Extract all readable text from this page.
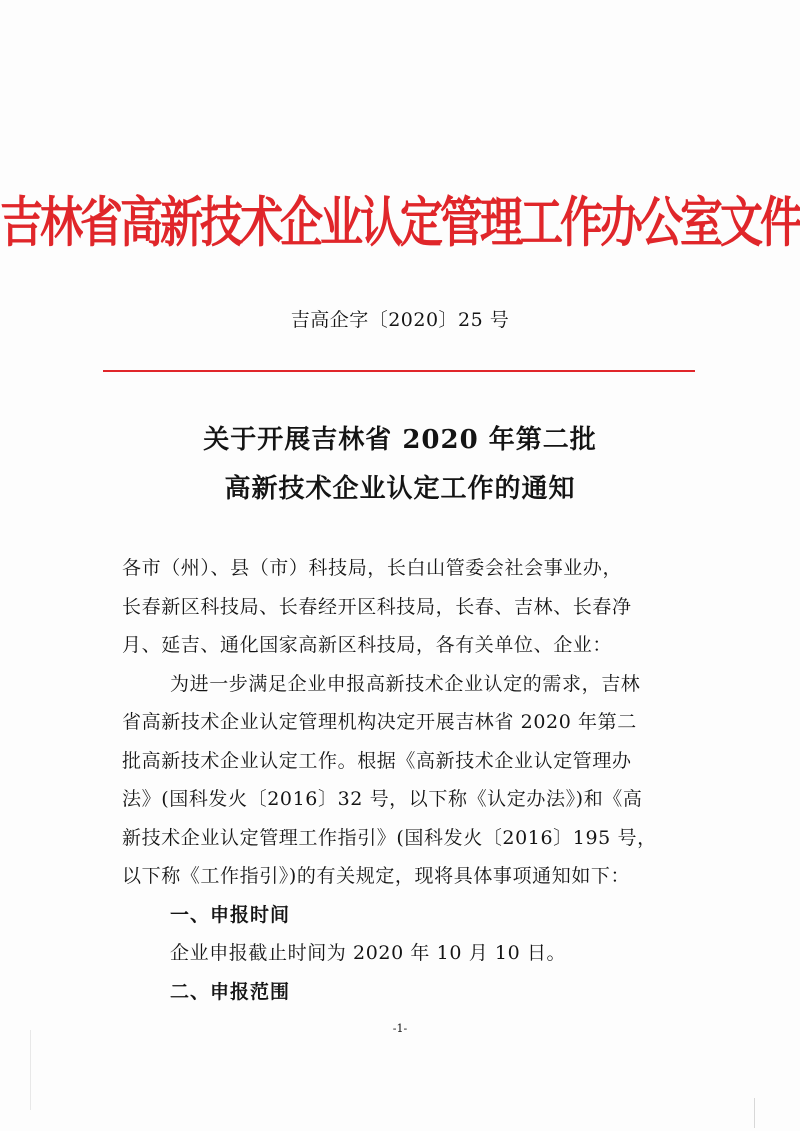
吉林省高新技术企业认定管理工作办公室文件
吉高企字〔2020〕25 号
关于开展吉林省 2020 年第二批
高新技术企业认定工作的通知
各市（州）、县（市）科技局，长白山管委会社会事业办，
长春新区科技局、长春经开区科技局，长春、吉林、长春净
月、延吉、通化国家高新区科技局，各有关单位、企业：
为进一步满足企业申报高新技术企业认定的需求，吉林
省高新技术企业认定管理机构决定开展吉林省 2020 年第二
批高新技术企业认定工作。根据《高新技术企业认定管理办
法》(国科发火〔2016〕32 号，以下称《认定办法》)和《高
新技术企业认定管理工作指引》(国科发火〔2016〕195 号，
以下称《工作指引》)的有关规定，现将具体事项通知如下：
一、申报时间
企业申报截止时间为 2020 年 10 月 10 日。
二、申报范围
-1-
